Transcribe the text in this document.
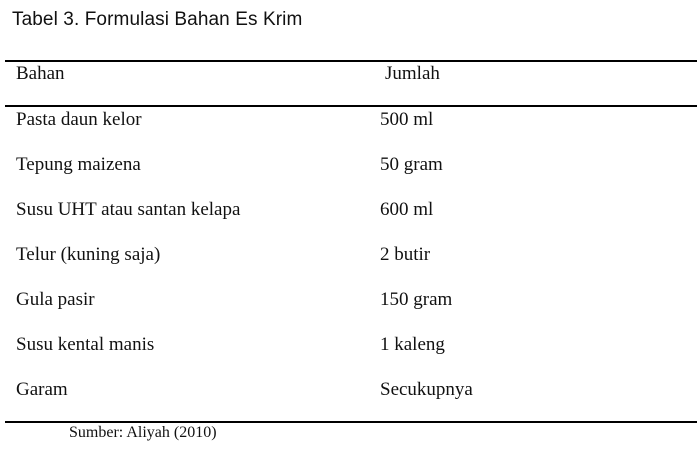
Tabel 3. Formulasi Bahan Es Krim
Bahan	Jumlah
Pasta daun kelor	500 ml
Tepung maizena	50 gram
Susu UHT atau santan kelapa	600 ml
Telur (kuning saja)	2 butir
Gula pasir	150 gram
Susu kental manis	1 kaleng
Garam	Secukupnya
Sumber: Aliyah (2010)
